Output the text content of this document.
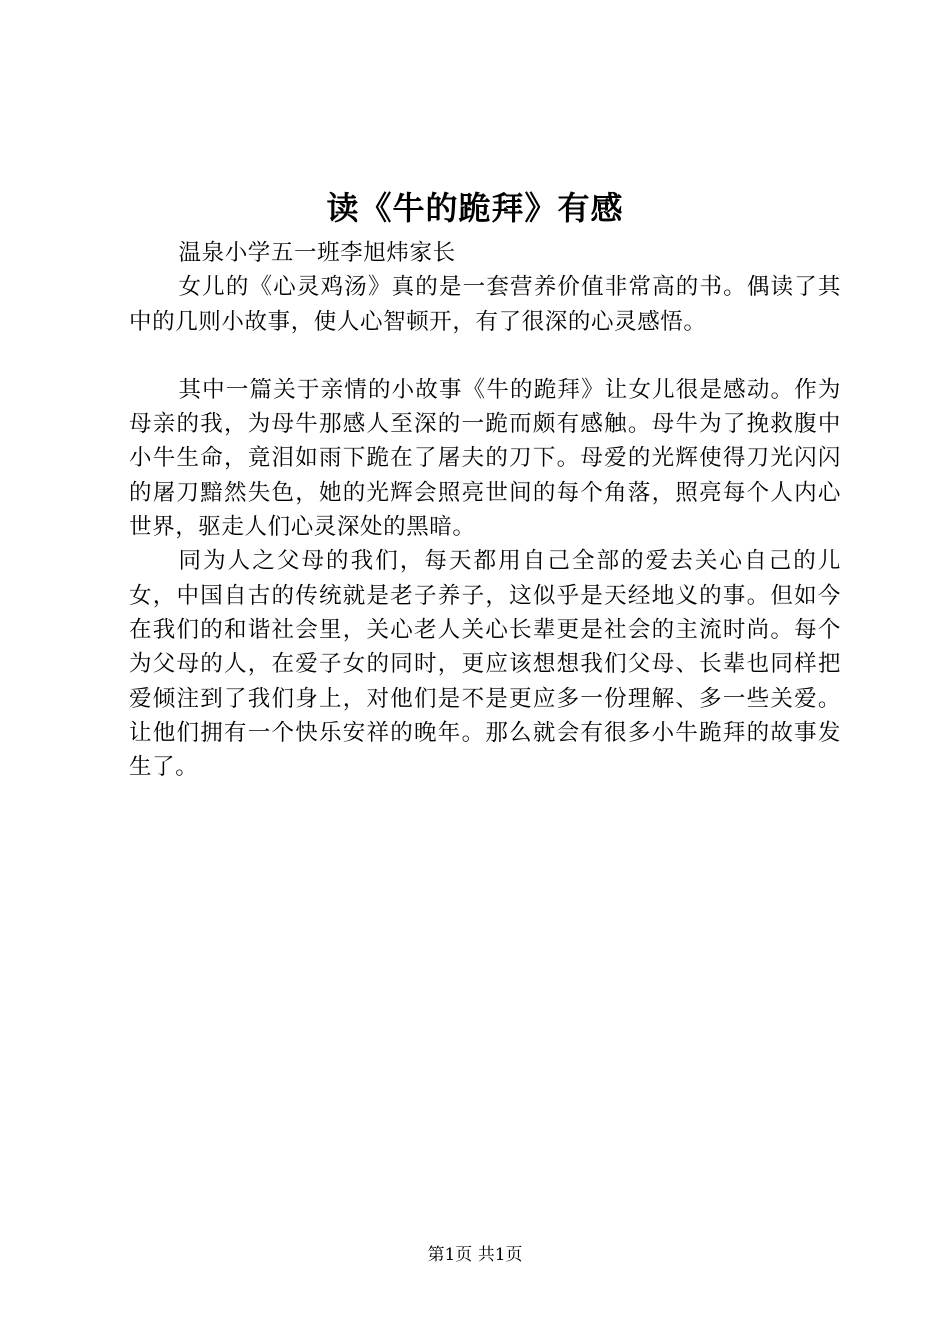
读《牛的跪拜》有感

温泉小学五一班李旭炜家长

女儿的《心灵鸡汤》真的是一套营养价值非常高的书。偶读了其中的几则小故事，使人心智顿开，有了很深的心灵感悟。

其中一篇关于亲情的小故事《牛的跪拜》让女儿很是感动。作为母亲的我，为母牛那感人至深的一跪而颇有感触。母牛为了挽救腹中小牛生命，竟泪如雨下跪在了屠夫的刀下。母爱的光辉使得刀光闪闪的屠刀黯然失色，她的光辉会照亮世间的每个角落，照亮每个人内心世界，驱走人们心灵深处的黑暗。

同为人之父母的我们，每天都用自己全部的爱去关心自己的儿女，中国自古的传统就是老子养子，这似乎是天经地义的事。但如今在我们的和谐社会里，关心老人关心长辈更是社会的主流时尚。每个为父母的人，在爱子女的同时，更应该想想我们父母、长辈也同样把爱倾注到了我们身上，对他们是不是更应多一份理解、多一些关爱。让他们拥有一个快乐安祥的晚年。那么就会有很多小牛跪拜的故事发生了。

第1页 共1页
